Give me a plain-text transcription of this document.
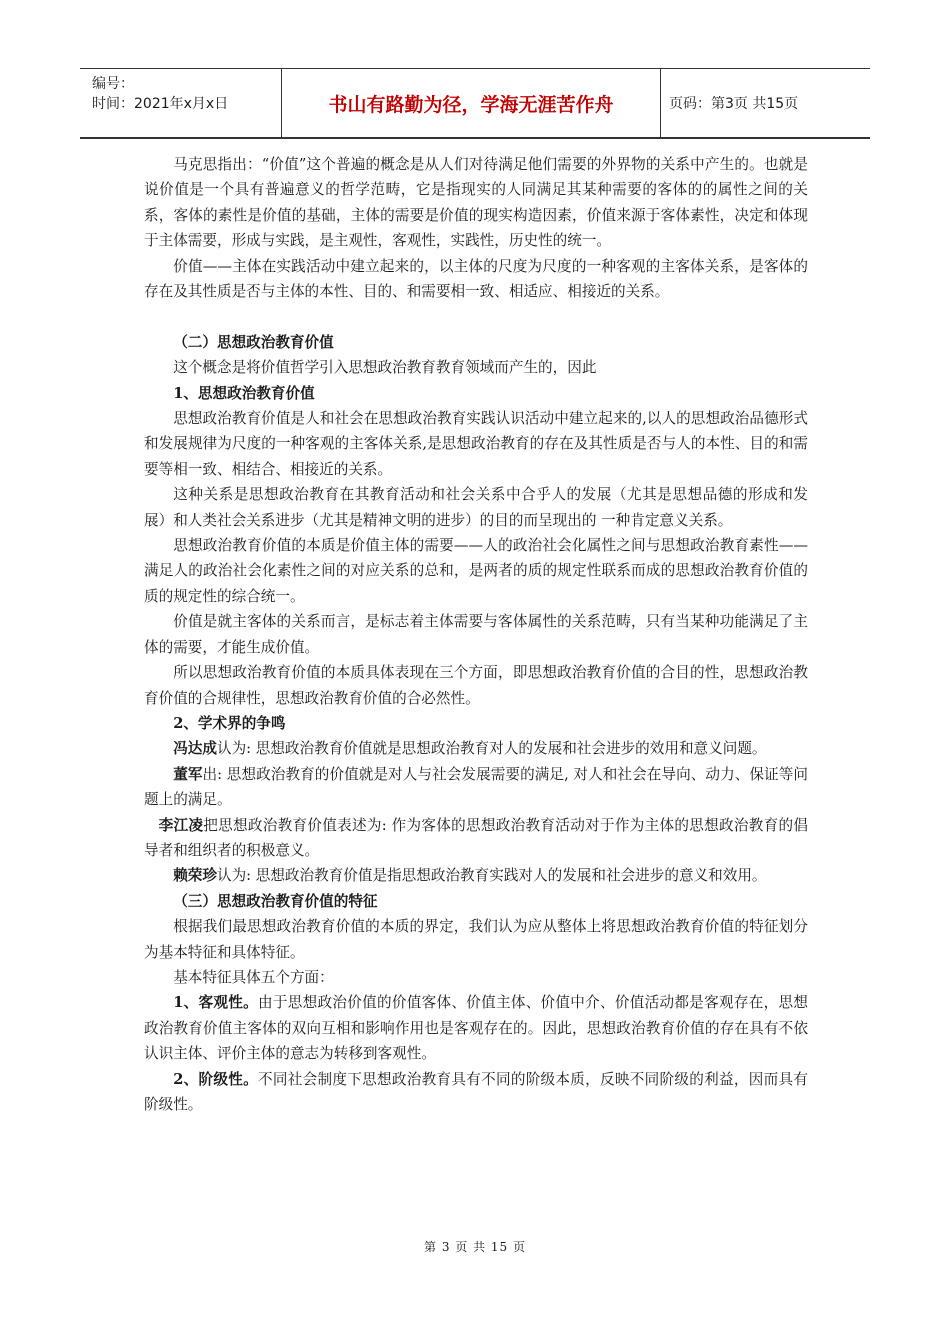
编号：
时间：2021年x月x日	书山有路勤为径，学海无涯苦作舟	页码：第3页 共15页

马克思指出：“价值”这个普遍的概念是从人们对待满足他们需要的外界物的关系中产生的。也就是说价值是一个具有普遍意义的哲学范畴，它是指现实的人同满足其某种需要的客体的的属性之间的关系，客体的素性是价值的基础，主体的需要是价值的现实构造因素，价值来源于客体素性，决定和体现于主体需要，形成与实践，是主观性，客观性，实践性，历史性的统一。

价值——主体在实践活动中建立起来的，以主体的尺度为尺度的一种客观的主客体关系，是客体的存在及其性质是否与主体的本性、目的、和需要相一致、相适应、相接近的关系。

（二）思想政治教育价值

这个概念是将价值哲学引入思想政治教育教育领域而产生的，因此

1、思想政治教育价值

思想政治教育价值是人和社会在思想政治教育实践认识活动中建立起来的,以人的思想政治品德形式和发展规律为尺度的一种客观的主客体关系,是思想政治教育的存在及其性质是否与人的本性、目的和需要等相一致、相结合、相接近的关系。

这种关系是思想政治教育在其教育活动和社会关系中合乎人的发展（尤其是思想品德的形成和发展）和人类社会关系进步（尤其是精神文明的进步）的目的而呈现出的 一种肯定意义关系。

思想政治教育价值的本质是价值主体的需要——人的政治社会化属性之间与思想政治教育素性——满足人的政治社会化素性之间的对应关系的总和，是两者的质的规定性联系而成的思想政治教育价值的质的规定性的综合统一。

价值是就主客体的关系而言，是标志着主体需要与客体属性的关系范畴，只有当某种功能满足了主体的需要，才能生成价值。

所以思想政治教育价值的本质具体表现在三个方面，即思想政治教育价值的合目的性，思想政治教育价值的合规律性，思想政治教育价值的合必然性。

2、学术界的争鸣

冯达成认为: 思想政治教育价值就是思想政治教育对人的发展和社会进步的效用和意义问题。

董军出: 思想政治教育的价值就是对人与社会发展需要的满足, 对人和社会在导向、动力、保证等问题上的满足。

李江凌把思想政治教育价值表述为: 作为客体的思想政治教育活动对于作为主体的思想政治教育的倡导者和组织者的积极意义。

赖荣珍认为: 思想政治教育价值是指思想政治教育实践对人的发展和社会进步的意义和效用。

（三）思想政治教育价值的特征

根据我们最思想政治教育价值的本质的界定，我们认为应从整体上将思想政治教育价值的特征划分为基本特征和具体特征。

基本特征具体五个方面：

1、客观性。由于思想政治价值的价值客体、价值主体、价值中介、价值活动都是客观存在，思想政治教育价值主客体的双向互相和影响作用也是客观存在的。因此，思想政治教育价值的存在具有不依认识主体、评价主体的意志为转移到客观性。

2、阶级性。不同社会制度下思想政治教育具有不同的阶级本质，反映不同阶级的利益，因而具有阶级性。

第 3 页 共 15 页
